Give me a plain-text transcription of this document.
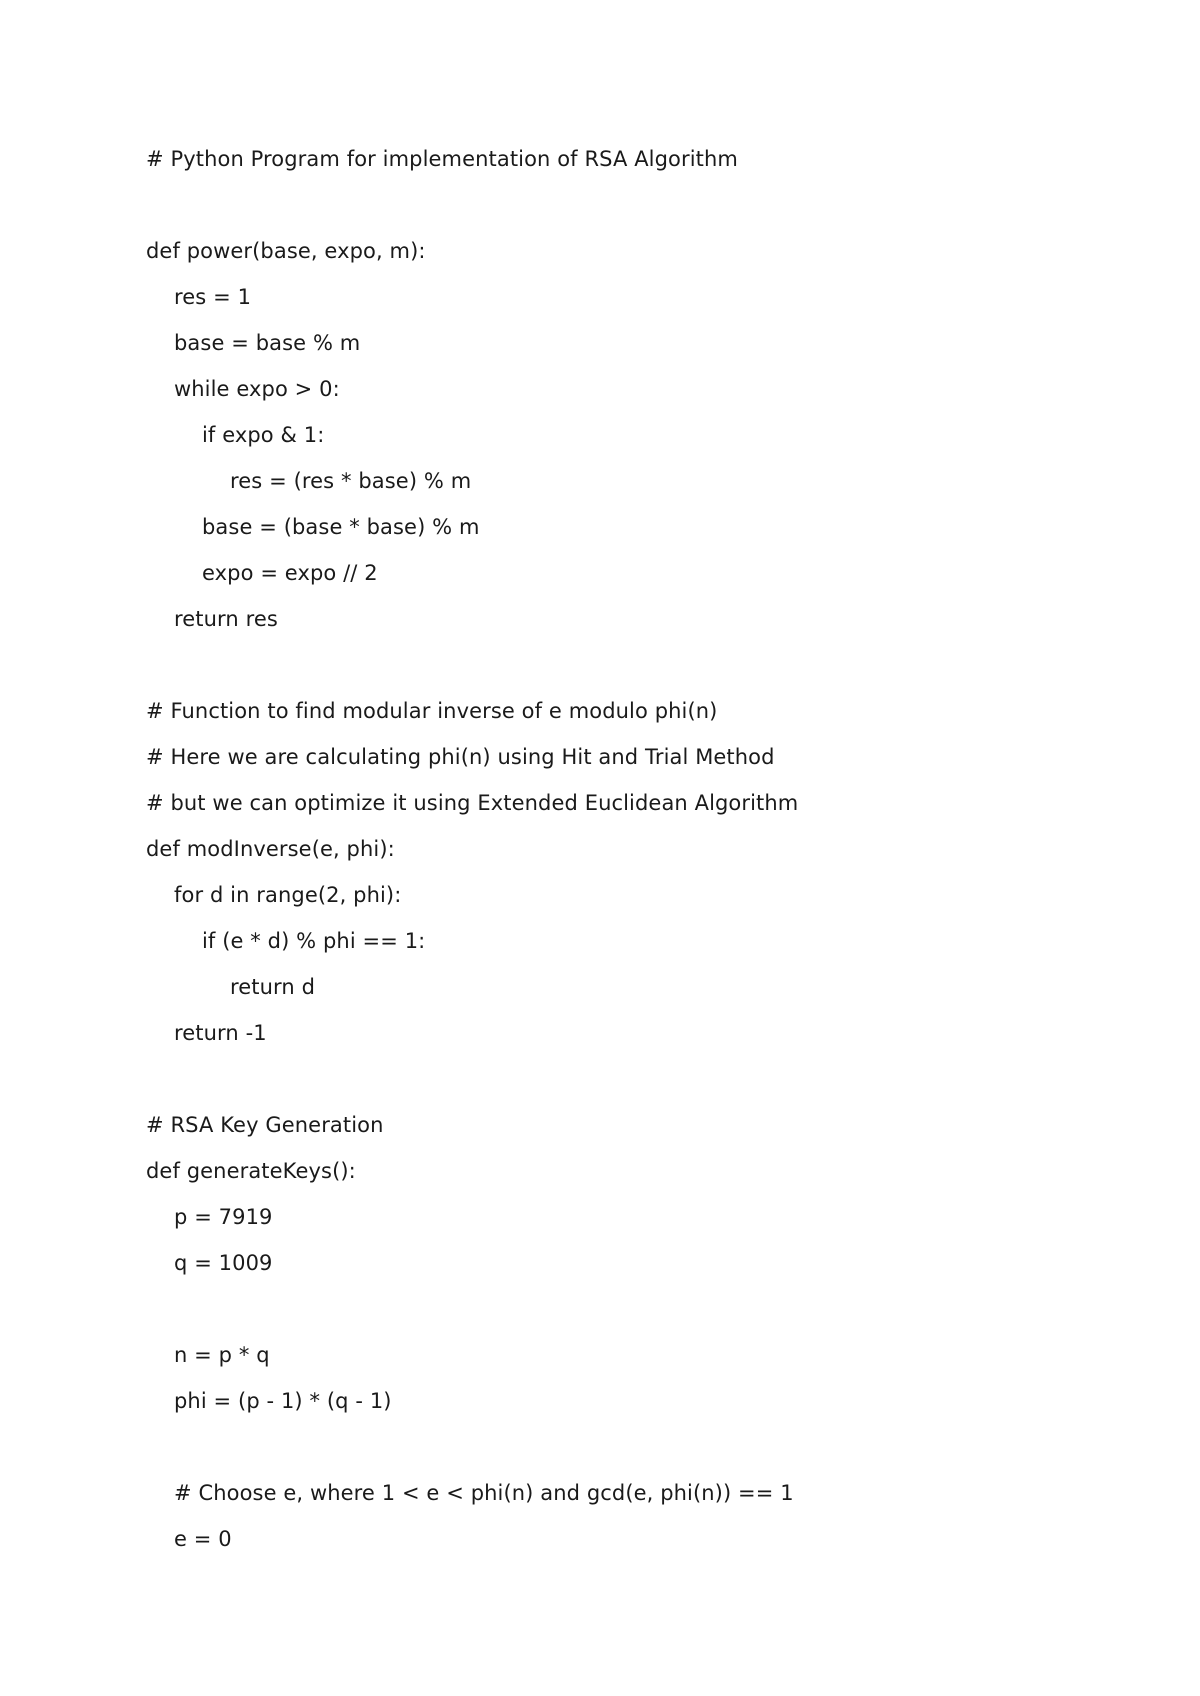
# Python Program for implementation of RSA Algorithm
def power(base, expo, m):
res = 1
base = base % m
while expo > 0:
if expo & 1:
res = (res * base) % m
base = (base * base) % m
expo = expo // 2
return res
# Function to find modular inverse of e modulo phi(n)
# Here we are calculating phi(n) using Hit and Trial Method
# but we can optimize it using Extended Euclidean Algorithm
def modInverse(e, phi):
for d in range(2, phi):
if (e * d) % phi == 1:
return d
return -1
# RSA Key Generation
def generateKeys():
p = 7919
q = 1009
n = p * q
phi = (p - 1) * (q - 1)
# Choose e, where 1 < e < phi(n) and gcd(e, phi(n)) == 1
e = 0
